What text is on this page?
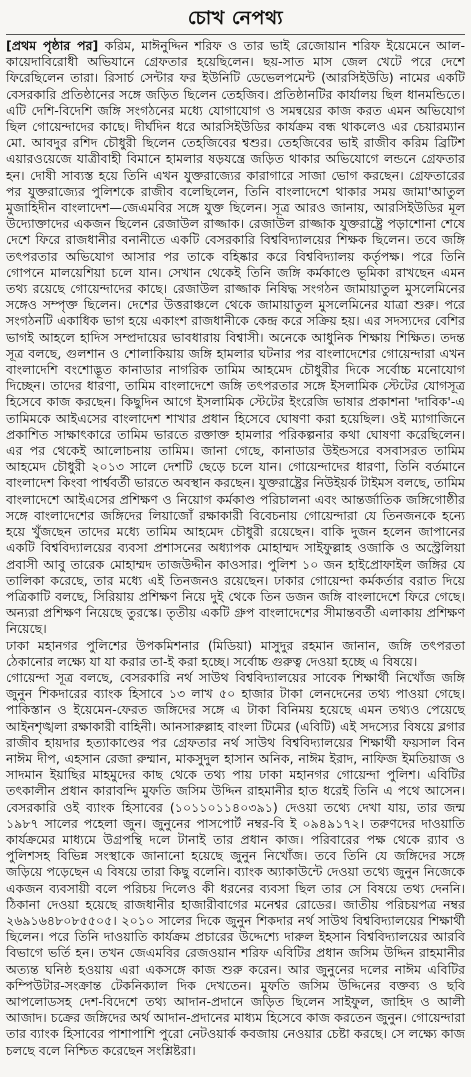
চোখ নেপথ্য

[প্রথম পৃষ্ঠার পর] করিম, মাঈনুদ্দিন শরিফ ও তার ভাই রেজোয়ান শরিফ ইয়েমেনে আল-কায়েদাবিরোধী অভিযানে গ্রেফতার হয়েছিলেন। ছয়-সাত মাস জেল খেটে পরে দেশে ফিরেছিলেন তারা। রিসার্চ সেন্টার ফর ইউনিটি ডেভেলপমেন্ট (আরসিইউডি) নামের একটি বেসরকারি প্রতিষ্ঠানের সঙ্গে জড়িত ছিলেন তেহজিব। প্রতিষ্ঠানটির কার্যালয় ছিল ধানমন্ডিতে। এটি দেশি-বিদেশি জঙ্গি সংগঠনের মধ্যে যোগাযোগ ও সমন্বয়ের কাজ করত এমন অভিযোগ ছিল গোয়েন্দাদের কাছে। দীর্ঘদিন ধরে আরসিইউডির কার্যক্রম বন্ধ থাকলেও এর চেয়ারম্যান মো. আবদুর রশিদ চৌধুরী ছিলেন তেহজিবের শ্বশুর। তেহজিবের ভাই রাজীব করিম ব্রিটিশ এয়ারওয়েজে যাত্রীবাহী বিমানে হামলার ষড়যন্ত্রে জড়িত থাকার অভিযোগে লন্ডনে গ্রেফতার হন। দোষী সাব্যস্ত হয়ে তিনি এখন যুক্তরাজ্যের কারাগারে সাজা ভোগ করছেন। গ্রেফতারের পর যুক্তরাজ্যের পুলিশকে রাজীব বলেছিলেন, তিনি বাংলাদেশে থাকার সময় জামা'আতুল মুজাহিদীন বাংলাদেশ—জেএমবির সঙ্গে যুক্ত ছিলেন। সূত্র আরও জানায়, আরসিইউডির মূল উদ্যোক্তাদের একজন ছিলেন রেজাউল রাজ্জাক। রেজাউল রাজ্জাক যুক্তরাষ্ট্রে পড়াশোনা শেষে দেশে ফিরে রাজধানীর বনানীতে একটি বেসরকারি বিশ্ববিদ্যালয়ের শিক্ষক ছিলেন। তবে জঙ্গি তৎপরতার অভিযোগ আসার পর তাকে বহিষ্কার করে বিশ্ববিদ্যালয় কর্তৃপক্ষ। পরে তিনি গোপনে মালয়েশিয়া চলে যান। সেখান থেকেই তিনি জঙ্গি কর্মকাণ্ডে ভূমিকা রাখছেন এমন তথ্য রয়েছে গোয়েন্দাদের কাছে। রেজাউল রাজ্জাক নিষিদ্ধ সংগঠন জামায়াতুল মুসলেমিনের সঙ্গেও সম্পৃক্ত ছিলেন। দেশের উত্তরাঞ্চলে থেকে জামায়াতুল মুসলেমিনের যাত্রা শুরু। পরে সংগঠনটি একাধিক ভাগ হয়ে একাংশ রাজধানীকে কেন্দ্র করে সক্রিয় হয়। এর সদস্যদের বেশির ভাগই আহলে হাদিস সম্প্রদায়ের ভাবধারায় বিশ্বাসী। অনেকে আধুনিক শিক্ষায় শিক্ষিত। তদন্ত সূত্র বলছে, গুলশান ও শোলাকিয়ায় জঙ্গি হামলার ঘটনার পর বাংলাদেশের গোয়েন্দারা এখন বাংলাদেশি বংশোদ্ভূত কানাডার নাগরিক তামিম আহমেদ চৌধুরীর দিকে সর্বোচ্চ মনোযোগ দিচ্ছেন। তাদের ধারণা, তামিম বাংলাদেশে জঙ্গি তৎপরতার সঙ্গে ইসলামিক স্টেটের যোগসূত্র হিসেবে কাজ করছেন। কিছুদিন আগে ইসলামিক স্টেটের ইংরেজি ভাষার প্রকাশনা 'দাবিক'-এ তামিমকে আইএসের বাংলাদেশ শাখার প্রধান হিসেবে ঘোষণা করা হয়েছিল। ওই ম্যাগাজিনে প্রকাশিত সাক্ষাৎকারে তামিম ভারতে রক্তাক্ত হামলার পরিকল্পনার কথা ঘোষণা করেছিলেন। এর পর থেকেই আলোচনায় তামিম। জানা গেছে, কানাডার উইন্ডসরে বসবাসরত তামিম আহমেদ চৌধুরী ২০১৩ সালে দেশটি ছেড়ে চলে যান। গোয়েন্দাদের ধারণা, তিনি বর্তমানে বাংলাদেশ কিংবা পার্শ্ববর্তী ভারতে অবস্থান করছেন। যুক্তরাষ্ট্রের নিউইয়র্ক টাইমস বলছে, তামিম বাংলাদেশে আইএসের প্রশিক্ষণ ও নিয়োগ কর্মকাণ্ড পরিচালনা এবং আন্তর্জাতিক জঙ্গিগোষ্ঠীর সঙ্গে বাংলাদেশের জঙ্গিদের লিয়াজোঁ রক্ষাকারী বিবেচনায় গোয়েন্দারা যে তিনজনকে হন্যে হয়ে খুঁজছেন তাদের মধ্যে তামিম আহমেদ চৌধুরী রয়েছেন। বাকি দুজন হলেন জাপানের একটি বিশ্ববিদ্যালয়ের ব্যবসা প্রশাসনের অধ্যাপক মোহাম্মদ সাইফুল্লাহ ওজাকি ও অস্ট্রেলিয়া প্রবাসী আবু তারেক মোহাম্মদ তাজউদ্দীন কাওসার। পুলিশ ১০ জন হাইপ্রোফাইল জঙ্গির যে তালিকা করেছে, তার মধ্যে এই তিনজনও রয়েছেন। ঢাকার গোয়েন্দা কর্মকর্তার বরাত দিয়ে পত্রিকাটি বলছে, সিরিয়ায় প্রশিক্ষণ নিয়ে দুই থেকে তিন ডজন জঙ্গি বাংলাদেশে ফিরে গেছে। অন্যরা প্রশিক্ষণ নিয়েছে তুরস্কে। তৃতীয় একটি গ্রুপ বাংলাদেশের সীমান্তবর্তী এলাকায় প্রশিক্ষণ নিয়েছে।

ঢাকা মহানগর পুলিশের উপকমিশনার (মিডিয়া) মাসুদুর রহমান জানান, জঙ্গি তৎপরতা ঠেকানোর লক্ষ্যে যা যা করার তা-ই করা হচ্ছে। সর্বোচ্চ গুরুত্ব দেওয়া হচ্ছে এ বিষয়ে।

গোয়েন্দা সূত্র বলছে, বেসরকারি নর্থ সাউথ বিশ্ববিদ্যালয়ের সাবেক শিক্ষার্থী নিখোঁজ জঙ্গি জুনুন শিকদারের ব্যাংক হিসাবে ১৩ লাখ ৫০ হাজার টাকা লেনদেনের তথ্য পাওয়া গেছে। পাকিস্তান ও ইয়েমেন-ফেরত জঙ্গিদের সঙ্গে এ টাকা বিনিময় হয়েছে এমন তথ্যও পেয়েছে আইনশৃঙ্খলা রক্ষাকারী বাহিনী। আনসারুল্লাহ বাংলা টিমের (এবিটি) এই সদস্যের বিষয়ে ব্লগার রাজীব হায়দার হত্যাকাণ্ডের পর গ্রেফতার নর্থ সাউথ বিশ্ববিদ্যালয়ের শিক্ষার্থী ফয়সাল বিন নাঈম দীপ, এহসান রেজা রুম্মান, মাকসুদুল হাসান অনিক, নাঈম ইরাদ, নাফিজ ইমতিয়াজ ও সাদমান ইয়াছির মাহমুদের কাছ থেকে তথ্য পায় ঢাকা মহানগর গোয়েন্দা পুলিশ। এবিটির তৎকালীন প্রধান কারাবন্দি মুফতি জসিম উদ্দিন রাহমানীর হাত ধরেই তিনি এ পথে আসেন। বেসরকারি ওই ব্যাংক হিসাবের (১০১১০১১৪০৩৯১) দেওয়া তথ্যে দেখা যায়, তার জন্ম ১৯৮৭ সালের পহেলা জুন। জুনুনের পাসপোর্ট নম্বর-বি ই ০৯৪৯১৭২। তরুণদের দাওয়াতি কার্যক্রমের মাধ্যমে উগ্রপন্থি দলে টানাই তার প্রধান কাজ। পরিবারের পক্ষ থেকে র‌্যাব ও পুলিশসহ বিভিন্ন সংস্থাকে জানানো হয়েছে জুনুন নিখোঁজ। তবে তিনি যে জঙ্গিদের সঙ্গে জড়িয়ে পড়েছেন এ বিষয়ে তারা কিছু বলেনি। ব্যাংক অ্যাকাউন্টে দেওয়া তথ্যে জুনুন নিজেকে একজন ব্যবসায়ী বলে পরিচয় দিলেও কী ধরনের ব্যবসা ছিল তার সে বিষয়ে তথ্য দেননি। ঠিকানা দেওয়া হয়েছে রাজধানীর হাজারীবাগের মনেশ্বর রোডের। জাতীয় পরিচয়পত্র নম্বর ২৬৯১৬৪৮০৮৫৫০৫। ২০১০ সালের দিকে জুনুন শিকদার নর্থ সাউথ বিশ্ববিদ্যালয়ের শিক্ষার্থী ছিলেন। পরে তিনি দাওয়াতি কার্যক্রম প্রচারের উদ্দেশ্যে দারুল ইহসান বিশ্ববিদ্যালয়ের আরবি বিভাগে ভর্তি হন। তখন জেএমবির রেজওয়ান শরিফ এবিটির প্রধান জসিম উদ্দিন রাহমানীর অত্যন্ত ঘনিষ্ঠ হওয়ায় এরা একসঙ্গে কাজ শুরু করেন। আর জুনুনের দলের নাঈম এবিটির কম্পিউটার-সংক্রান্ত টেকনিক্যাল দিক দেখতেন। মুফতি জসিম উদ্দিনের বক্তব্য ও ছবি আপলোডসহ দেশ-বিদেশে তথ্য আদান-প্রদানে জড়িত ছিলেন সাইফুল, জাহিদ ও আলী আজাদ। চক্রের জঙ্গিদের অর্থ আদান-প্রদানের মাধ্যম হিসেবে কাজ করতেন জুনুন। গোয়েন্দারা তার ব্যাংক হিসাবের পাশাপাশি পুরো নেটওয়ার্ক কবজায় নেওয়ার চেষ্টা করছে। সে লক্ষ্যে কাজ চলছে বলে নিশ্চিত করেছেন সংশ্লিষ্টরা।
